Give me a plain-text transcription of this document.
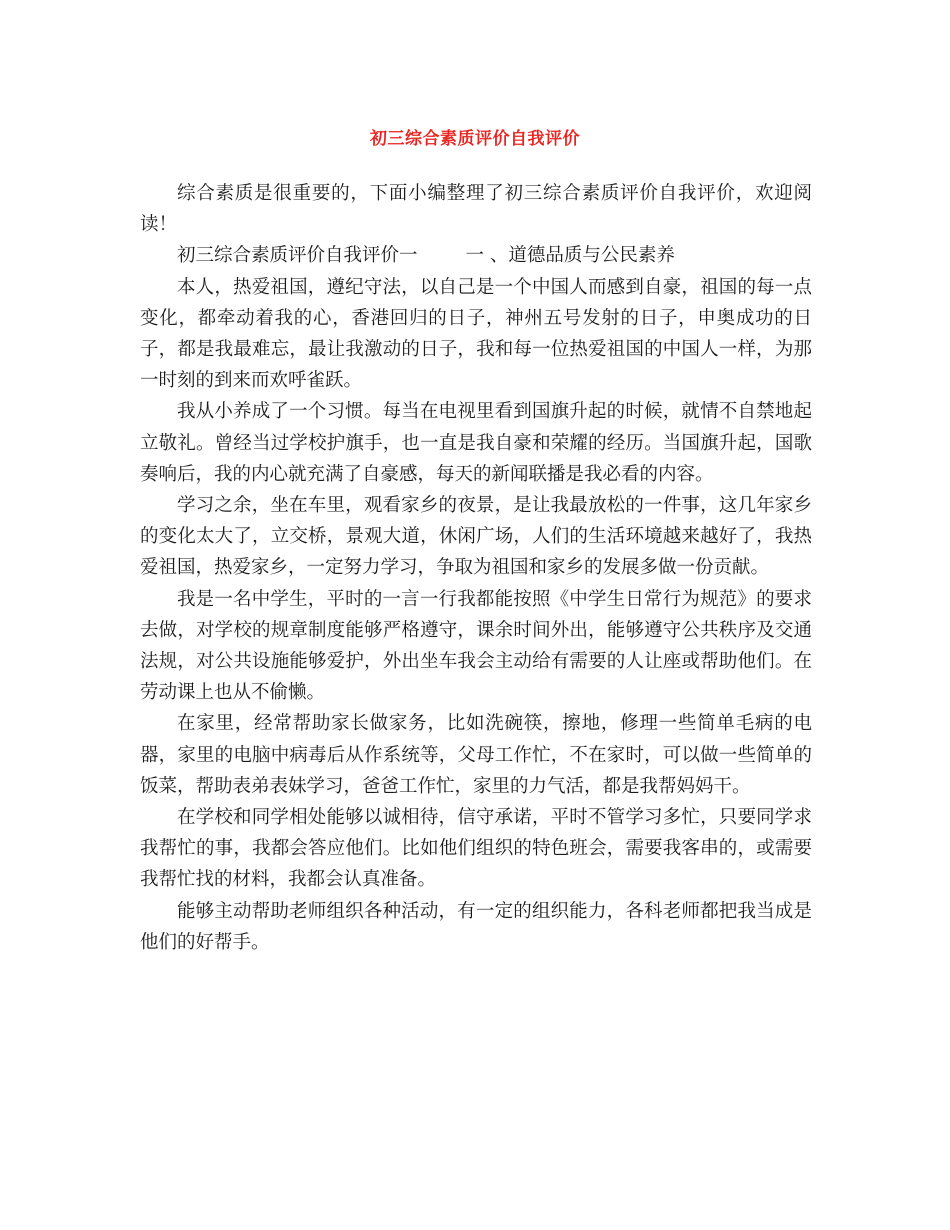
初三综合素质评价自我评价

综合素质是很重要的，下面小编整理了初三综合素质评价自我评价，欢迎阅读！

初三综合素质评价自我评价一	一 、道德品质与公民素养

本人，热爱祖国，遵纪守法，以自己是一个中国人而感到自豪，祖国的每一点变化，都牵动着我的心，香港回归的日子，神州五号发射的日子，申奥成功的日子，都是我最难忘，最让我激动的日子，我和每一位热爱祖国的中国人一样，为那一时刻的到来而欢呼雀跃。

我从小养成了一个习惯。每当在电视里看到国旗升起的时候，就情不自禁地起立敬礼。曾经当过学校护旗手，也一直是我自豪和荣耀的经历。当国旗升起，国歌奏响后，我的内心就充满了自豪感，每天的新闻联播是我必看的内容。

学习之余，坐在车里，观看家乡的夜景，是让我最放松的一件事，这几年家乡的变化太大了，立交桥，景观大道，休闲广场，人们的生活环境越来越好了，我热爱祖国，热爱家乡，一定努力学习，争取为祖国和家乡的发展多做一份贡献。

我是一名中学生，平时的一言一行我都能按照《中学生日常行为规范》的要求去做，对学校的规章制度能够严格遵守，课余时间外出，能够遵守公共秩序及交通法规，对公共设施能够爱护，外出坐车我会主动给有需要的人让座或帮助他们。在劳动课上也从不偷懒。

在家里，经常帮助家长做家务，比如洗碗筷，擦地，修理一些简单毛病的电器，家里的电脑中病毒后从作系统等，父母工作忙，不在家时，可以做一些简单的饭菜，帮助表弟表妹学习，爸爸工作忙，家里的力气活，都是我帮妈妈干。

在学校和同学相处能够以诚相待，信守承诺，平时不管学习多忙，只要同学求我帮忙的事，我都会答应他们。比如他们组织的特色班会，需要我客串的，或需要我帮忙找的材料，我都会认真准备。

能够主动帮助老师组织各种活动，有一定的组织能力，各科老师都把我当成是他们的好帮手。
